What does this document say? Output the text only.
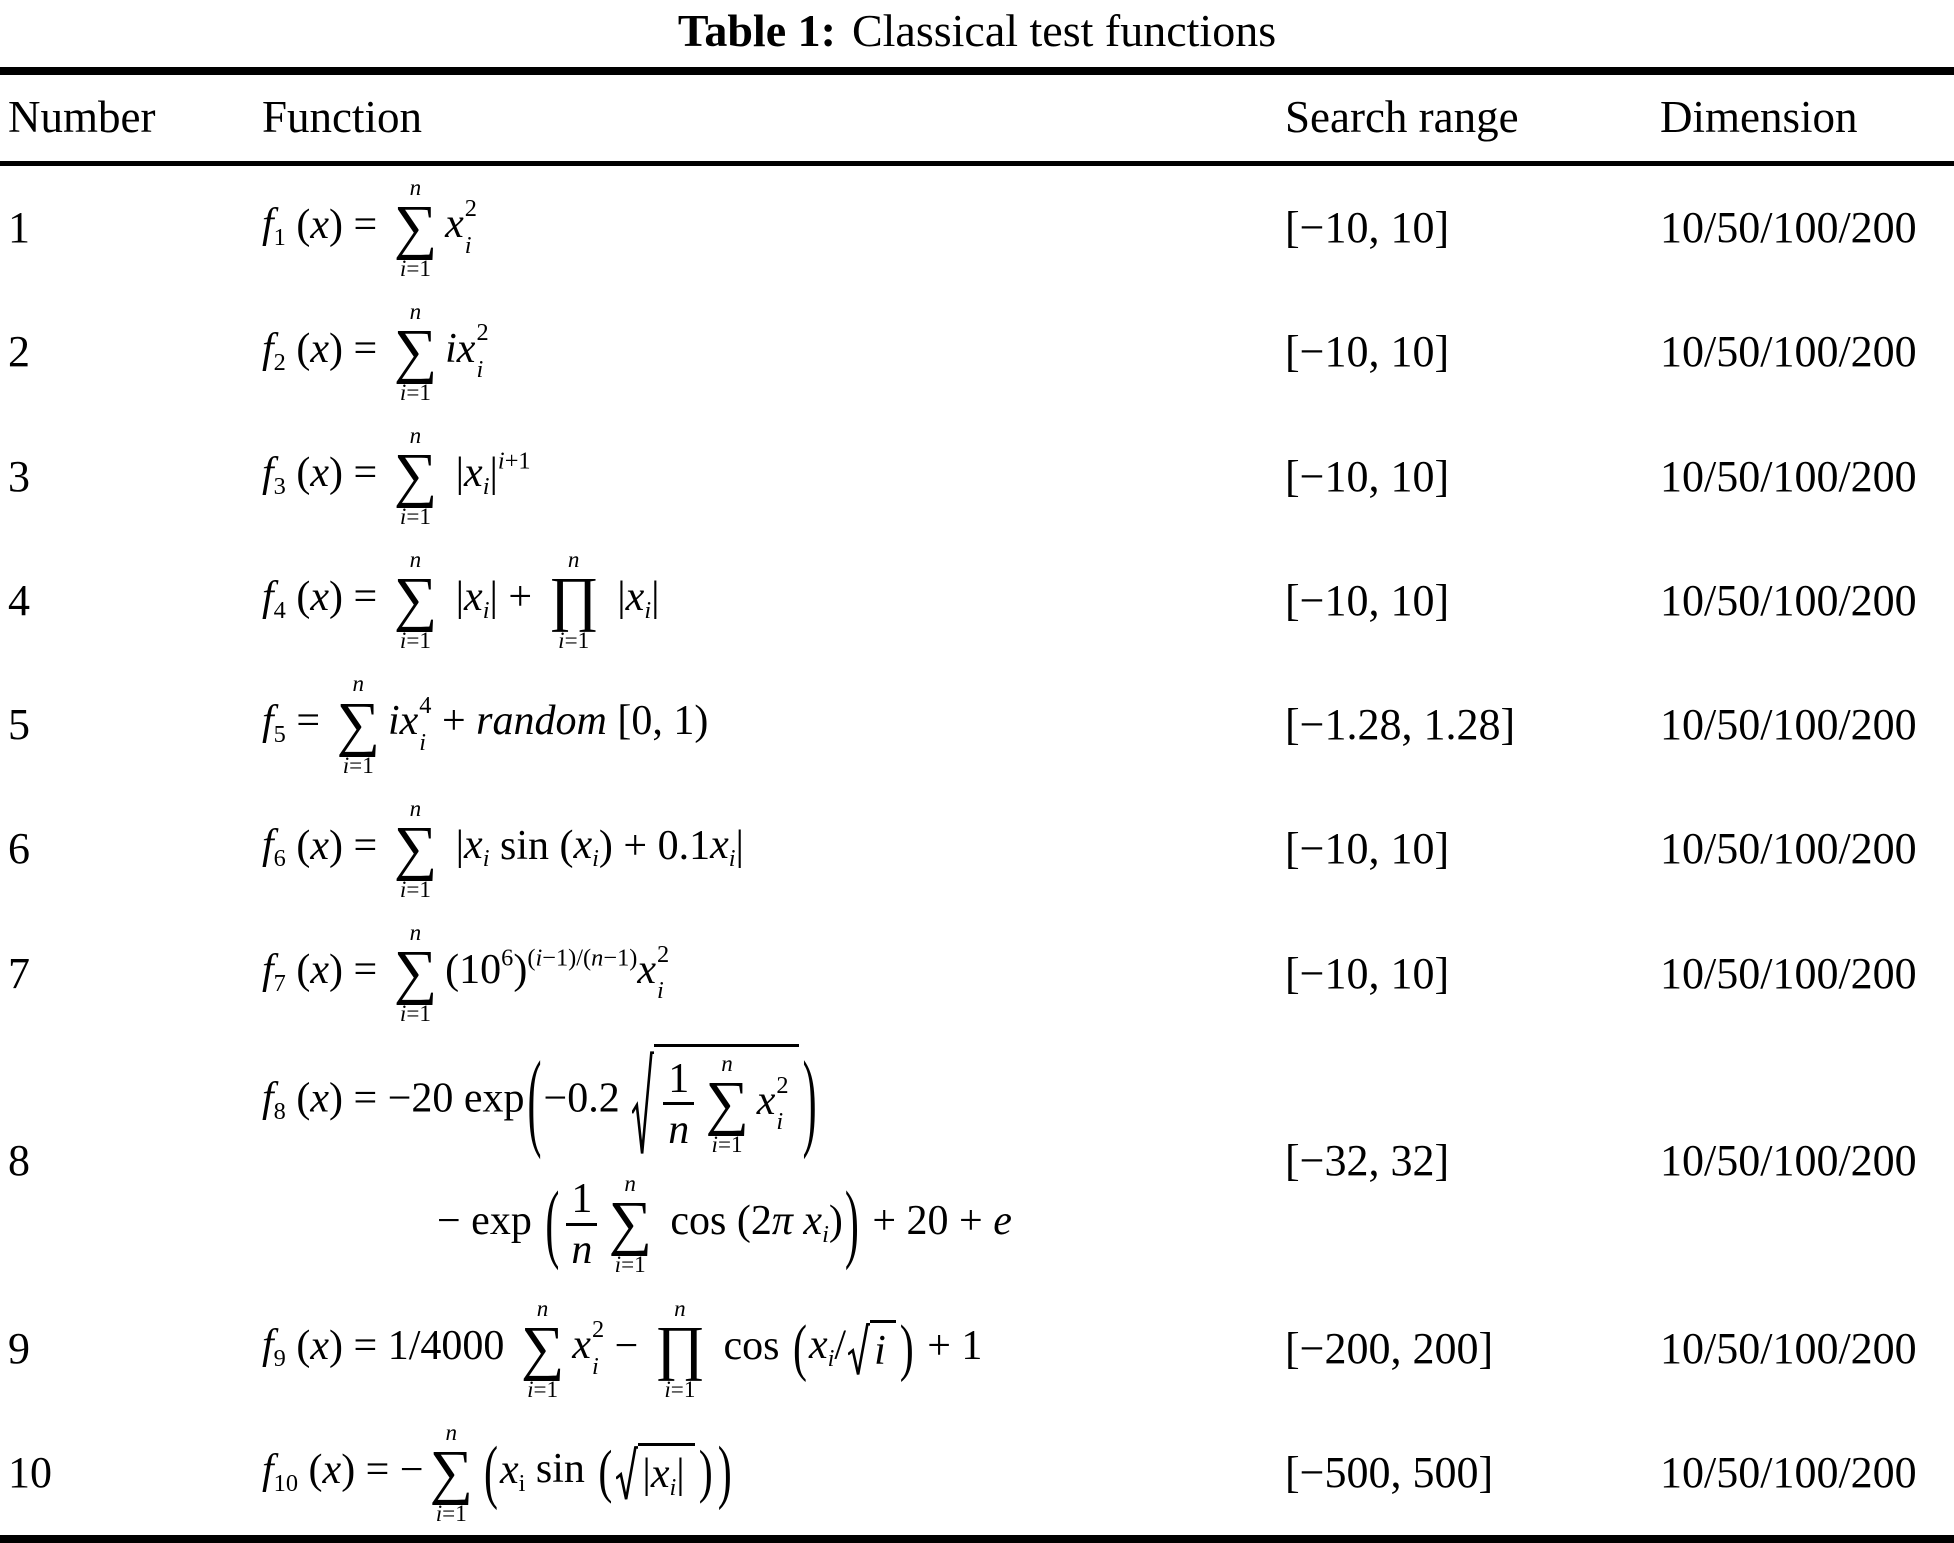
Table 1: Classical test functions
Number	Function	Search range	Dimension
1	f1 (x) =
n
∑
i=1
x 2
i	[−10, 10]	10/50/100/200
2	f2 (x) =
n
∑
i=1
ix 2
i	[−10, 10]	10/50/100/200
3	f3 (x) =
n
∑
i=1
$|xi|^{i+1}$	[−10, 10]	10/50/100/200
4	f4 (x) =
n
∑
i=1
|xi| +
n
∏
i=1
|xi|	[−10, 10]	10/50/100/200
5	f5 =
n
∑
i=1
ix 4
i + random [0, 1)	[−1.28, 1.28]	10/50/100/200
6	f6 (x) =
n
∑
i=1
|xi sin (xi) + 0.1xi|	[−10, 10]	10/50/100/200
7	f7 (x) =
n
∑
i=1
$(10^6)^{(i-1)/(n-1)}x$ 2
i	[−10, 10]	10/50/100/200
8
f8 (x) = −20 exp ( $-0.2 \frac{1}{n}$ n
∑
i=1
x 2
i )
− exp ( $\frac{1}{n}$ n
∑
i=1
cos (2π xi) ) + 20 + e
[−32, 32]	10/50/100/200
9	f9 (x) = 1/4000
n
∑
i=1
x 2
i −
n
∏
i=1
cos ( xi/ i ) + 1	[−200, 200]	10/50/100/200
10	f10 (x) = −
n
∑
i=1
( xi sin ( |xi| ) )	[−500, 500]	10/50/100/200
